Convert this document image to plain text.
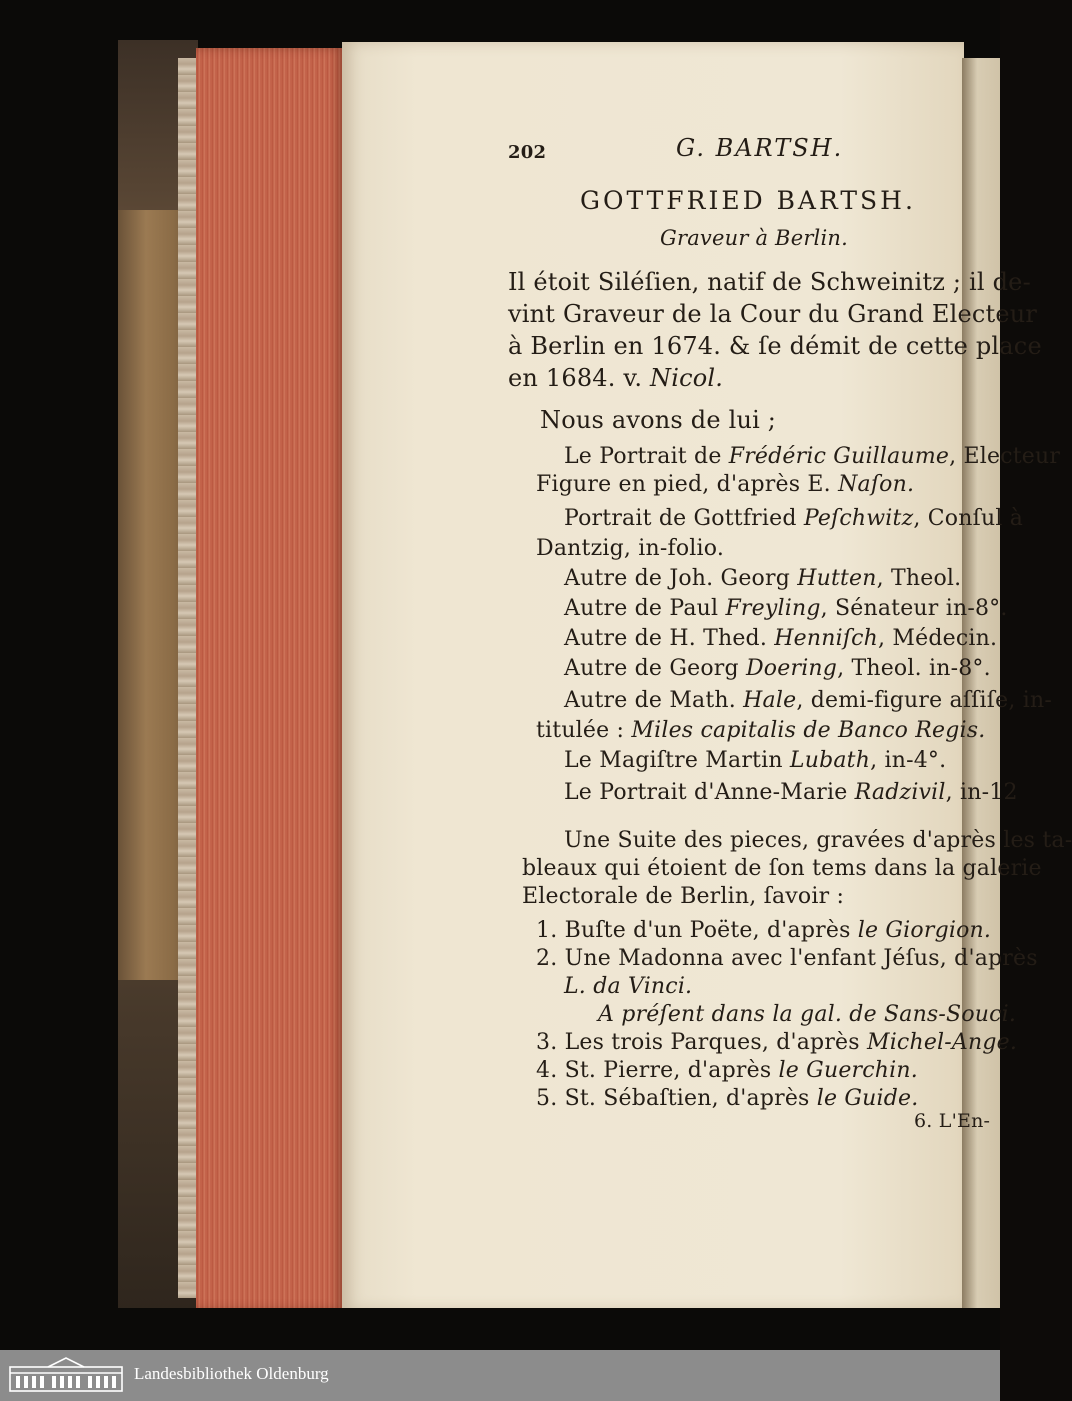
202	G. BARTSH.
GOTTFRIED BARTSH.
Graveur à Berlin.
Il étoit Siléſien, natif de Schweinitz ; il de-
vint Graveur de la Cour du Grand Electeur
à Berlin en 1674. & ſe démit de cette place
en 1684. v. Nicol.
Nous avons de lui ;
Le Portrait de Frédéric Guillaume, Electeur
Figure en pied, d'après E. Naſon.
Portrait de Gottfried Peſchwitz, Conſul à
Dantzig, in-folio.
Autre de Joh. Georg Hutten, Theol.
Autre de Paul Freyling, Sénateur in-8°.
Autre de H. Thed. Henniſch, Médecin.
Autre de Georg Doering, Theol. in-8°.
Autre de Math. Hale, demi-figure aſſiſe, in-
titulée : Miles capitalis de Banco Regis.
Le Magiſtre Martin Lubath, in-4°.
Le Portrait d'Anne-Marie Radzivil, in-12
Une Suite des pieces, gravées d'après les ta-
bleaux qui étoient de ſon tems dans la galerie
Electorale de Berlin, ſavoir :
1. Buſte d'un Poëte, d'après le Giorgion.
2. Une Madonna avec l'enfant Jéſus, d'après
L. da Vinci.
A préſent dans la gal. de Sans-Souci.
3. Les trois Parques, d'après Michel-Ange.
4. St. Pierre, d'après le Guerchin.
5. St. Sébaſtien, d'après le Guide.
6. L'En-
Landesbibliothek Oldenburg
